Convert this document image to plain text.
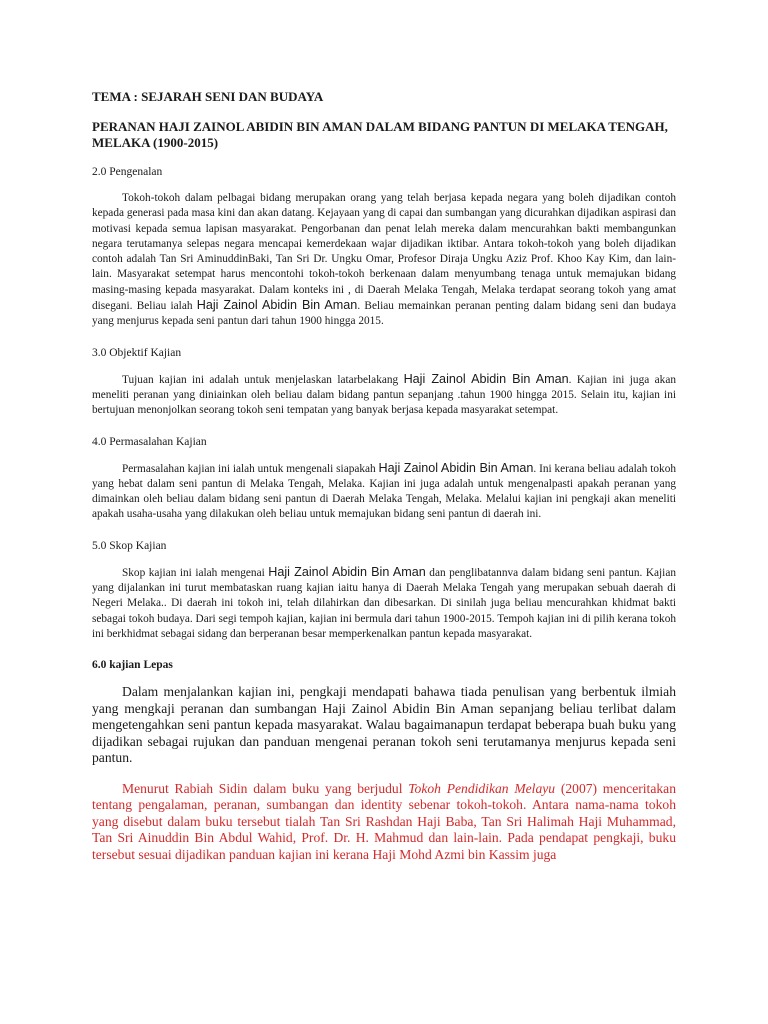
TEMA : SEJARAH SENI DAN BUDAYA
PERANAN HAJI ZAINOL ABIDIN BIN AMAN DALAM BIDANG PANTUN DI MELAKA TENGAH, MELAKA (1900-2015)
2.0 Pengenalan

Tokoh-tokoh dalam pelbagai bidang merupakan orang yang telah berjasa kepada negara yang boleh dijadikan contoh kepada generasi pada masa kini dan akan datang. Kejayaan yang di capai dan sumbangan yang dicurahkan dijadikan aspirasi dan motivasi kepada semua lapisan masyarakat. Pengorbanan dan penat lelah mereka dalam mencurahkan bakti membangunkan negara terutamanya selepas negara mencapai kemerdekaan wajar dijadikan iktibar. Antara tokoh-tokoh yang boleh dijadikan contoh adalah Tan Sri AminuddinBaki, Tan Sri Dr. Ungku Omar, Profesor Diraja Ungku Aziz Prof. Khoo Kay Kim, dan lain-lain. Masyarakat setempat harus mencontohi tokoh-tokoh berkenaan dalam menyumbang tenaga untuk memajukan bidang masing-masing kepada masyarakat. Dalam konteks ini , di Daerah Melaka Tengah, Melaka terdapat seorang tokoh yang amat disegani. Beliau ialah Haji Zainol Abidin Bin Aman. Beliau memainkan peranan penting dalam bidang seni dan budaya yang menjurus kepada seni pantun dari tahun 1900 hingga 2015.

3.0 Objektif Kajian

Tujuan kajian ini adalah untuk menjelaskan latarbelakang Haji Zainol Abidin Bin Aman. Kajian ini juga akan meneliti peranan yang diniainkan oleh beliau dalam bidang pantun sepanjang .tahun 1900 hingga 2015. Selain itu, kajian ini bertujuan menonjolkan seorang tokoh seni tempatan yang banyak berjasa kepada masyarakat setempat.

4.0 Permasalahan Kajian

Permasalahan kajian ini ialah untuk mengenali siapakah Haji Zainol Abidin Bin Aman. Ini kerana beliau adalah tokoh yang hebat dalam seni pantun di Melaka Tengah, Melaka. Kajian ini juga adalah untuk mengenalpasti apakah peranan yang dimainkan oleh beliau dalam bidang seni pantun di Daerah Melaka Tengah, Melaka. Melalui kajian ini pengkaji akan meneliti apakah usaha-usaha yang dilakukan oleh beliau untuk memajukan bidang seni pantun di daerah ini.

5.0 Skop Kajian

Skop kajian ini ialah mengenai Haji Zainol Abidin Bin Aman dan penglibatannva dalam bidang seni pantun. Kajian yang dijalankan ini turut membataskan ruang kajian iaitu hanya di Daerah Melaka Tengah yang merupakan sebuah daerah di Negeri Melaka.. Di daerah ini tokoh ini, telah dilahirkan dan dibesarkan. Di sinilah juga beliau mencurahkan khidmat bakti sebagai tokoh budaya. Dari segi tempoh kajian, kajian ini bermula dari tahun 1900-2015. Tempoh kajian ini di pilih kerana tokoh ini berkhidmat sebagai sidang dan berperanan besar memperkenalkan pantun kepada masyarakat.

6.0 kajian Lepas

Dalam menjalankan kajian ini, pengkaji mendapati bahawa tiada penulisan yang berbentuk ilmiah yang mengkaji peranan dan sumbangan Haji Zainol Abidin Bin Aman sepanjang beliau terlibat dalam mengetengahkan seni pantun kepada masyarakat. Walau bagaimanapun terdapat beberapa buah buku yang dijadikan sebagai rujukan dan panduan mengenai peranan tokoh seni terutamanya menjurus kepada seni pantun.

Menurut Rabiah Sidin dalam buku yang berjudul Tokoh Pendidikan Melayu (2007) menceritakan tentang pengalaman, peranan, sumbangan dan identity sebenar tokoh-tokoh. Antara nama-nama tokoh yang disebut dalam buku tersebut tialah Tan Sri Rashdan Haji Baba, Tan Sri Halimah Haji Muhammad, Tan Sri Ainuddin Bin Abdul Wahid, Prof. Dr. H. Mahmud dan lain-lain. Pada pendapat pengkaji, buku tersebut sesuai dijadikan panduan kajian ini kerana Haji Mohd Azmi bin Kassim juga
